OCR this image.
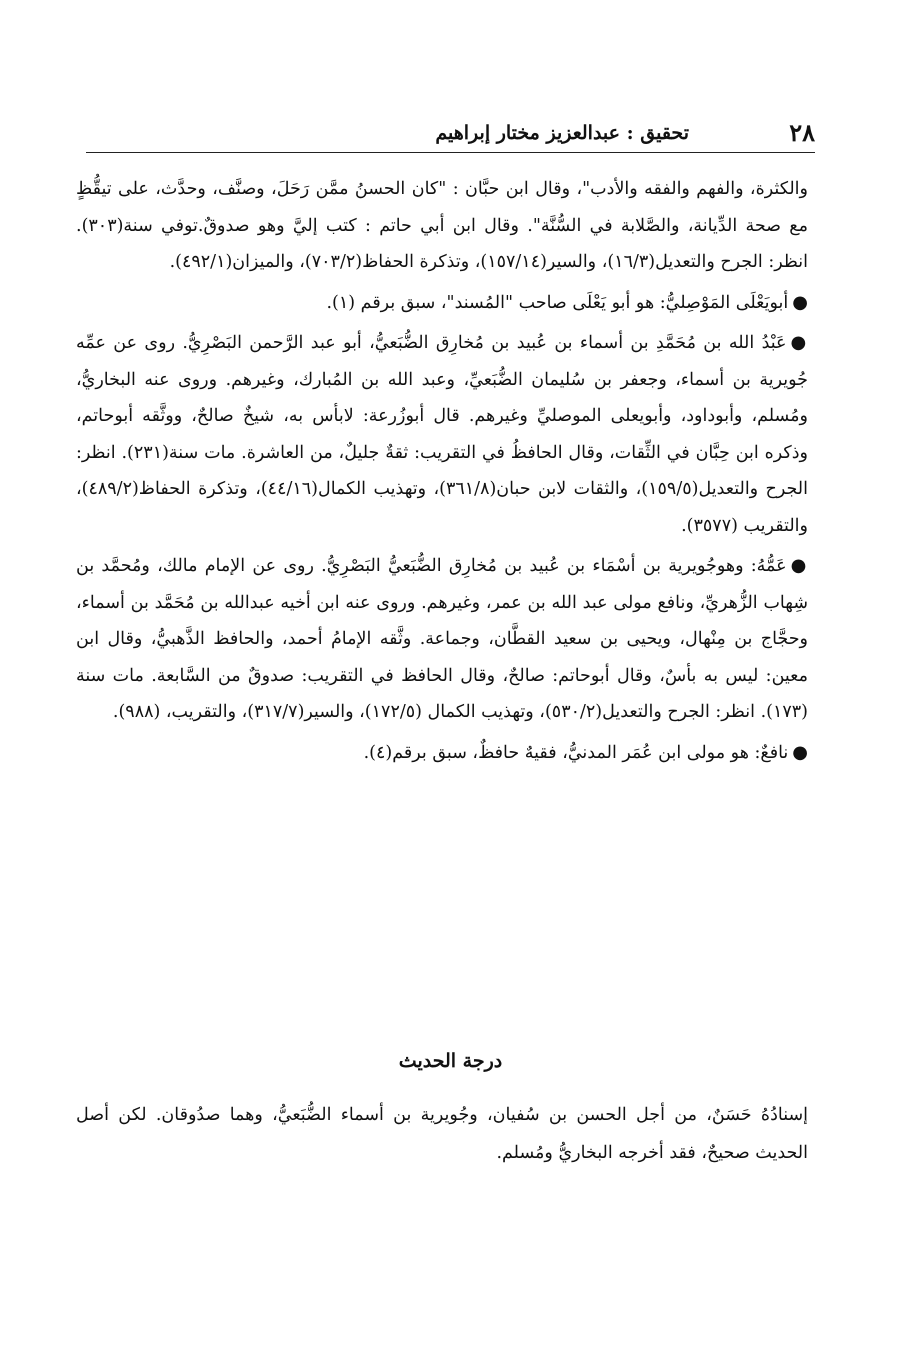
٢٨
تحقيق : عبدالعزيز مختار إبراهيم

والكثرة، والفهم والفقه والأدب"، وقال ابن حبَّان : "كان الحسنُ ممَّن رَحَلَ، وصنَّف، وحدَّث، على تيقُّظٍ مع صحة الدِّيانة، والصَّلابة في السُّنَّة". وقال ابن أبي حاتم : كتب إليَّ وهو صدوقٌ.توفي سنة(٣٠٣). انظر: الجرح والتعديل(١٦/٣)، والسير(١٥٧/١٤)، وتذكرة الحفاظ(٧٠٣/٢)، والميزان(٤٩٢/١).

●أبويَعْلَى المَوْصِليُّ: هو أبو يَعْلَى صاحب "المُسند"، سبق برقم (١).

●عَبْدُ الله بن مُحَمَّدِ بن أسماء بن عُبيد بن مُخارِق الضُّبَعيُّ، أبو عبد الرَّحمن البَصْرِيُّ. روى عن عمِّه جُويرية بن أسماء، وجعفر بن سُليمان الضُّبَعيِّ، وعبد الله بن المُبارك، وغيرهم. وروى عنه البخاريُّ، ومُسلم، وأبوداود، وأبويعلى الموصليِّ وغيرهم. قال أبوزُرعة: لابأس به، شيخٌ صالحٌ، ووثَّقه أبوحاتم، وذكره ابن حِبَّان في الثِّقات، وقال الحافظُ في التقريب: ثقةٌ جليلٌ، من العاشرة. مات سنة(٢٣١). انظر: الجرح والتعديل(١٥٩/٥)، والثقات لابن حبان(٣٦١/٨)، وتهذيب الكمال(٤٤/١٦)، وتذكرة الحفاظ(٤٨٩/٢)، والتقريب (٣٥٧٧).

●عَمُّهُ: وهوجُويرية بن أسْمَاء بن عُبيد بن مُخارِق الضُّبَعيُّ البَصْرِيُّ. روى عن الإمام مالك، ومُحمَّد بن شِهاب الزُّهريِّ، ونافع مولى عبد الله بن عمر، وغيرهم. وروى عنه ابن أخيه عبدالله بن مُحَمَّد بن أسماء، وحجَّاج بن مِنْهال، ويحيى بن سعيد القطَّان، وجماعة. وثَّقه الإمامُ أحمد، والحافظ الذَّهبيُّ، وقال ابن معين: ليس به بأسٌ، وقال أبوحاتم: صالحٌ، وقال الحافظ في التقريب: صدوقٌ من السَّابعة. مات سنة (١٧٣). انظر: الجرح والتعديل(٥٣٠/٢)، وتهذيب الكمال (١٧٢/٥)، والسير(٣١٧/٧)، والتقريب، (٩٨٨).

●نافعٌ: هو مولى ابن عُمَر المدنيُّ، فقيهٌ حافظٌ، سبق برقم(٤).

درجة الحديث

إسنادُهُ حَسَنٌ، من أجل الحسن بن سُفيان، وجُويرية بن أسماء الضُّبَعيُّ، وهما صدُوقان. لكن أصل الحديث صحيحٌ، فقد أخرجه البخاريُّ ومُسلم.
